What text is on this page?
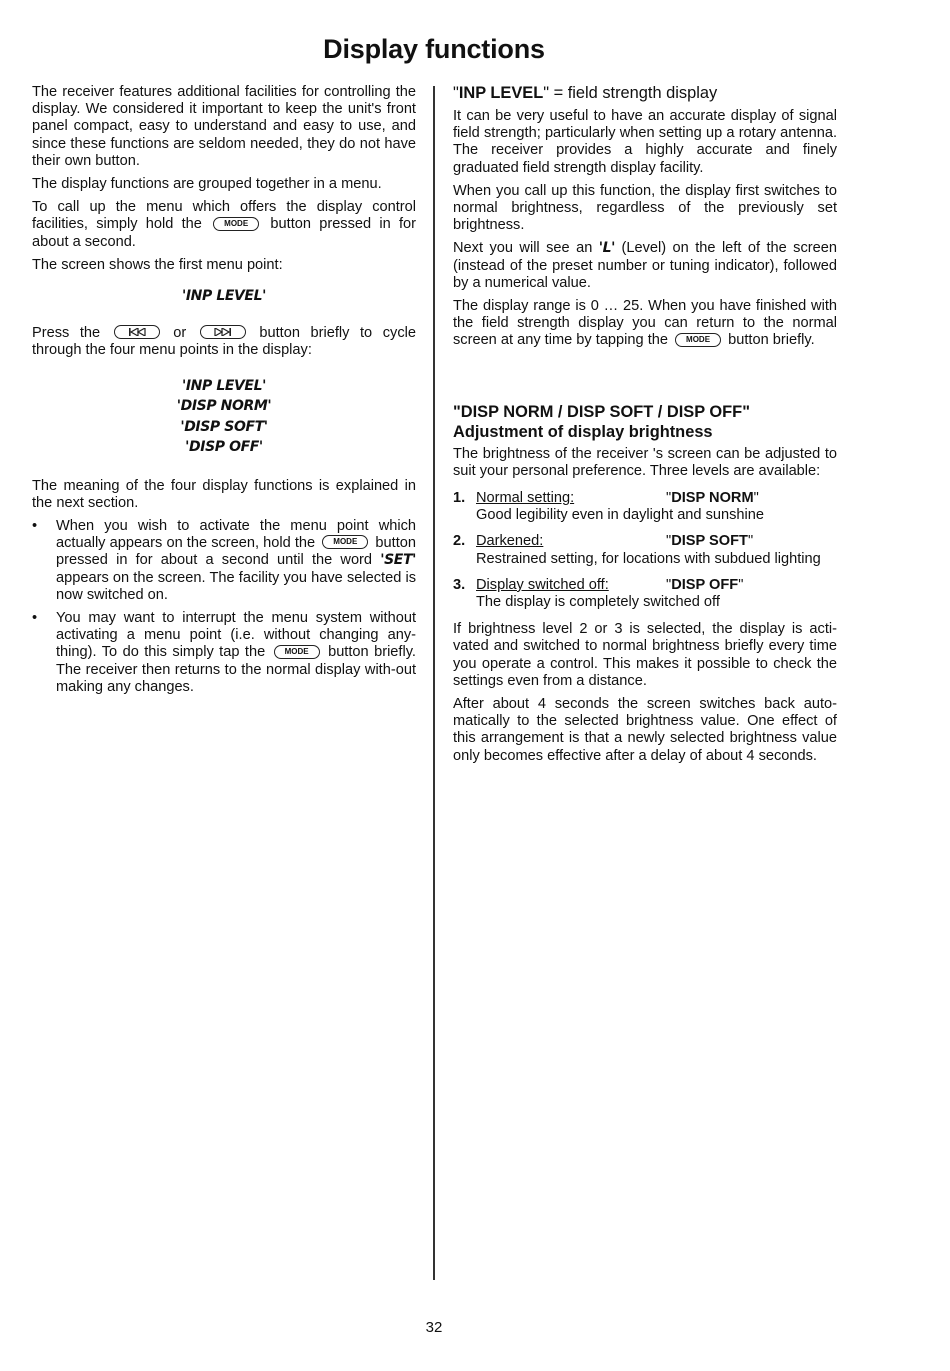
Display functions

The receiver features additional facilities for controlling the display. We considered it important to keep the unit's front panel compact, easy to understand and easy to use, and since these functions are seldom needed, they do not have their own button.

The display functions are grouped together in a menu.

To call up the menu which offers the display control facilities, simply hold the	MODE button pressed in for about a second.

The screen shows the first menu point:

'INP LEVEL'

Press the	or	button briefly to cycle through the four menu points in the display:

'INP LEVEL'
'DISP NORM'
'DISP SOFT'
'DISP OFF'

The meaning of the four display functions is explained in the next section.

• When you wish to activate the menu point which actually appears on the screen, hold the MODE button pressed in for about a second until the word 'SET' appears on the screen. The facility you have selected is now switched on.
• You may want to interrupt the menu system without activating a menu point (i.e. without changing any-thing). To do this simply tap the MODE button briefly. The receiver then returns to the normal display with-out making any changes.
"INP LEVEL" = field strength display

It can be very useful to have an accurate display of signal field strength; particularly when setting up a rotary antenna. The receiver provides a highly accurate and finely graduated field strength display facility.

When you call up this function, the display first switches to normal brightness, regardless of the previously set brightness.

Next you will see an 'L' (Level) on the left of the screen (instead of the preset number or tuning indicator), followed by a numerical value.

The display range is 0 … 25. When you have finished with the field strength display you can return to the normal screen at any time by tapping the MODE button briefly.

"DISP NORM / DISP SOFT / DISP OFF"
Adjustment of display brightness

The brightness of the receiver 's screen can be adjusted to suit your personal preference. Three levels are available:

1. Normal setting:	"DISP NORM"
Good legibility even in daylight and sunshine
2. Darkened:	"DISP SOFT"
Restrained setting, for locations with subdued lighting
3. Display switched off:	"DISP OFF"
The display is completely switched off

If brightness level 2 or 3 is selected, the display is acti-vated and switched to normal brightness briefly every time you operate a control. This makes it possible to check the settings even from a distance.

After about 4 seconds the screen switches back auto-matically to the selected brightness value. One effect of this arrangement is that a newly selected brightness value only becomes effective after a delay of about 4 seconds.

32
